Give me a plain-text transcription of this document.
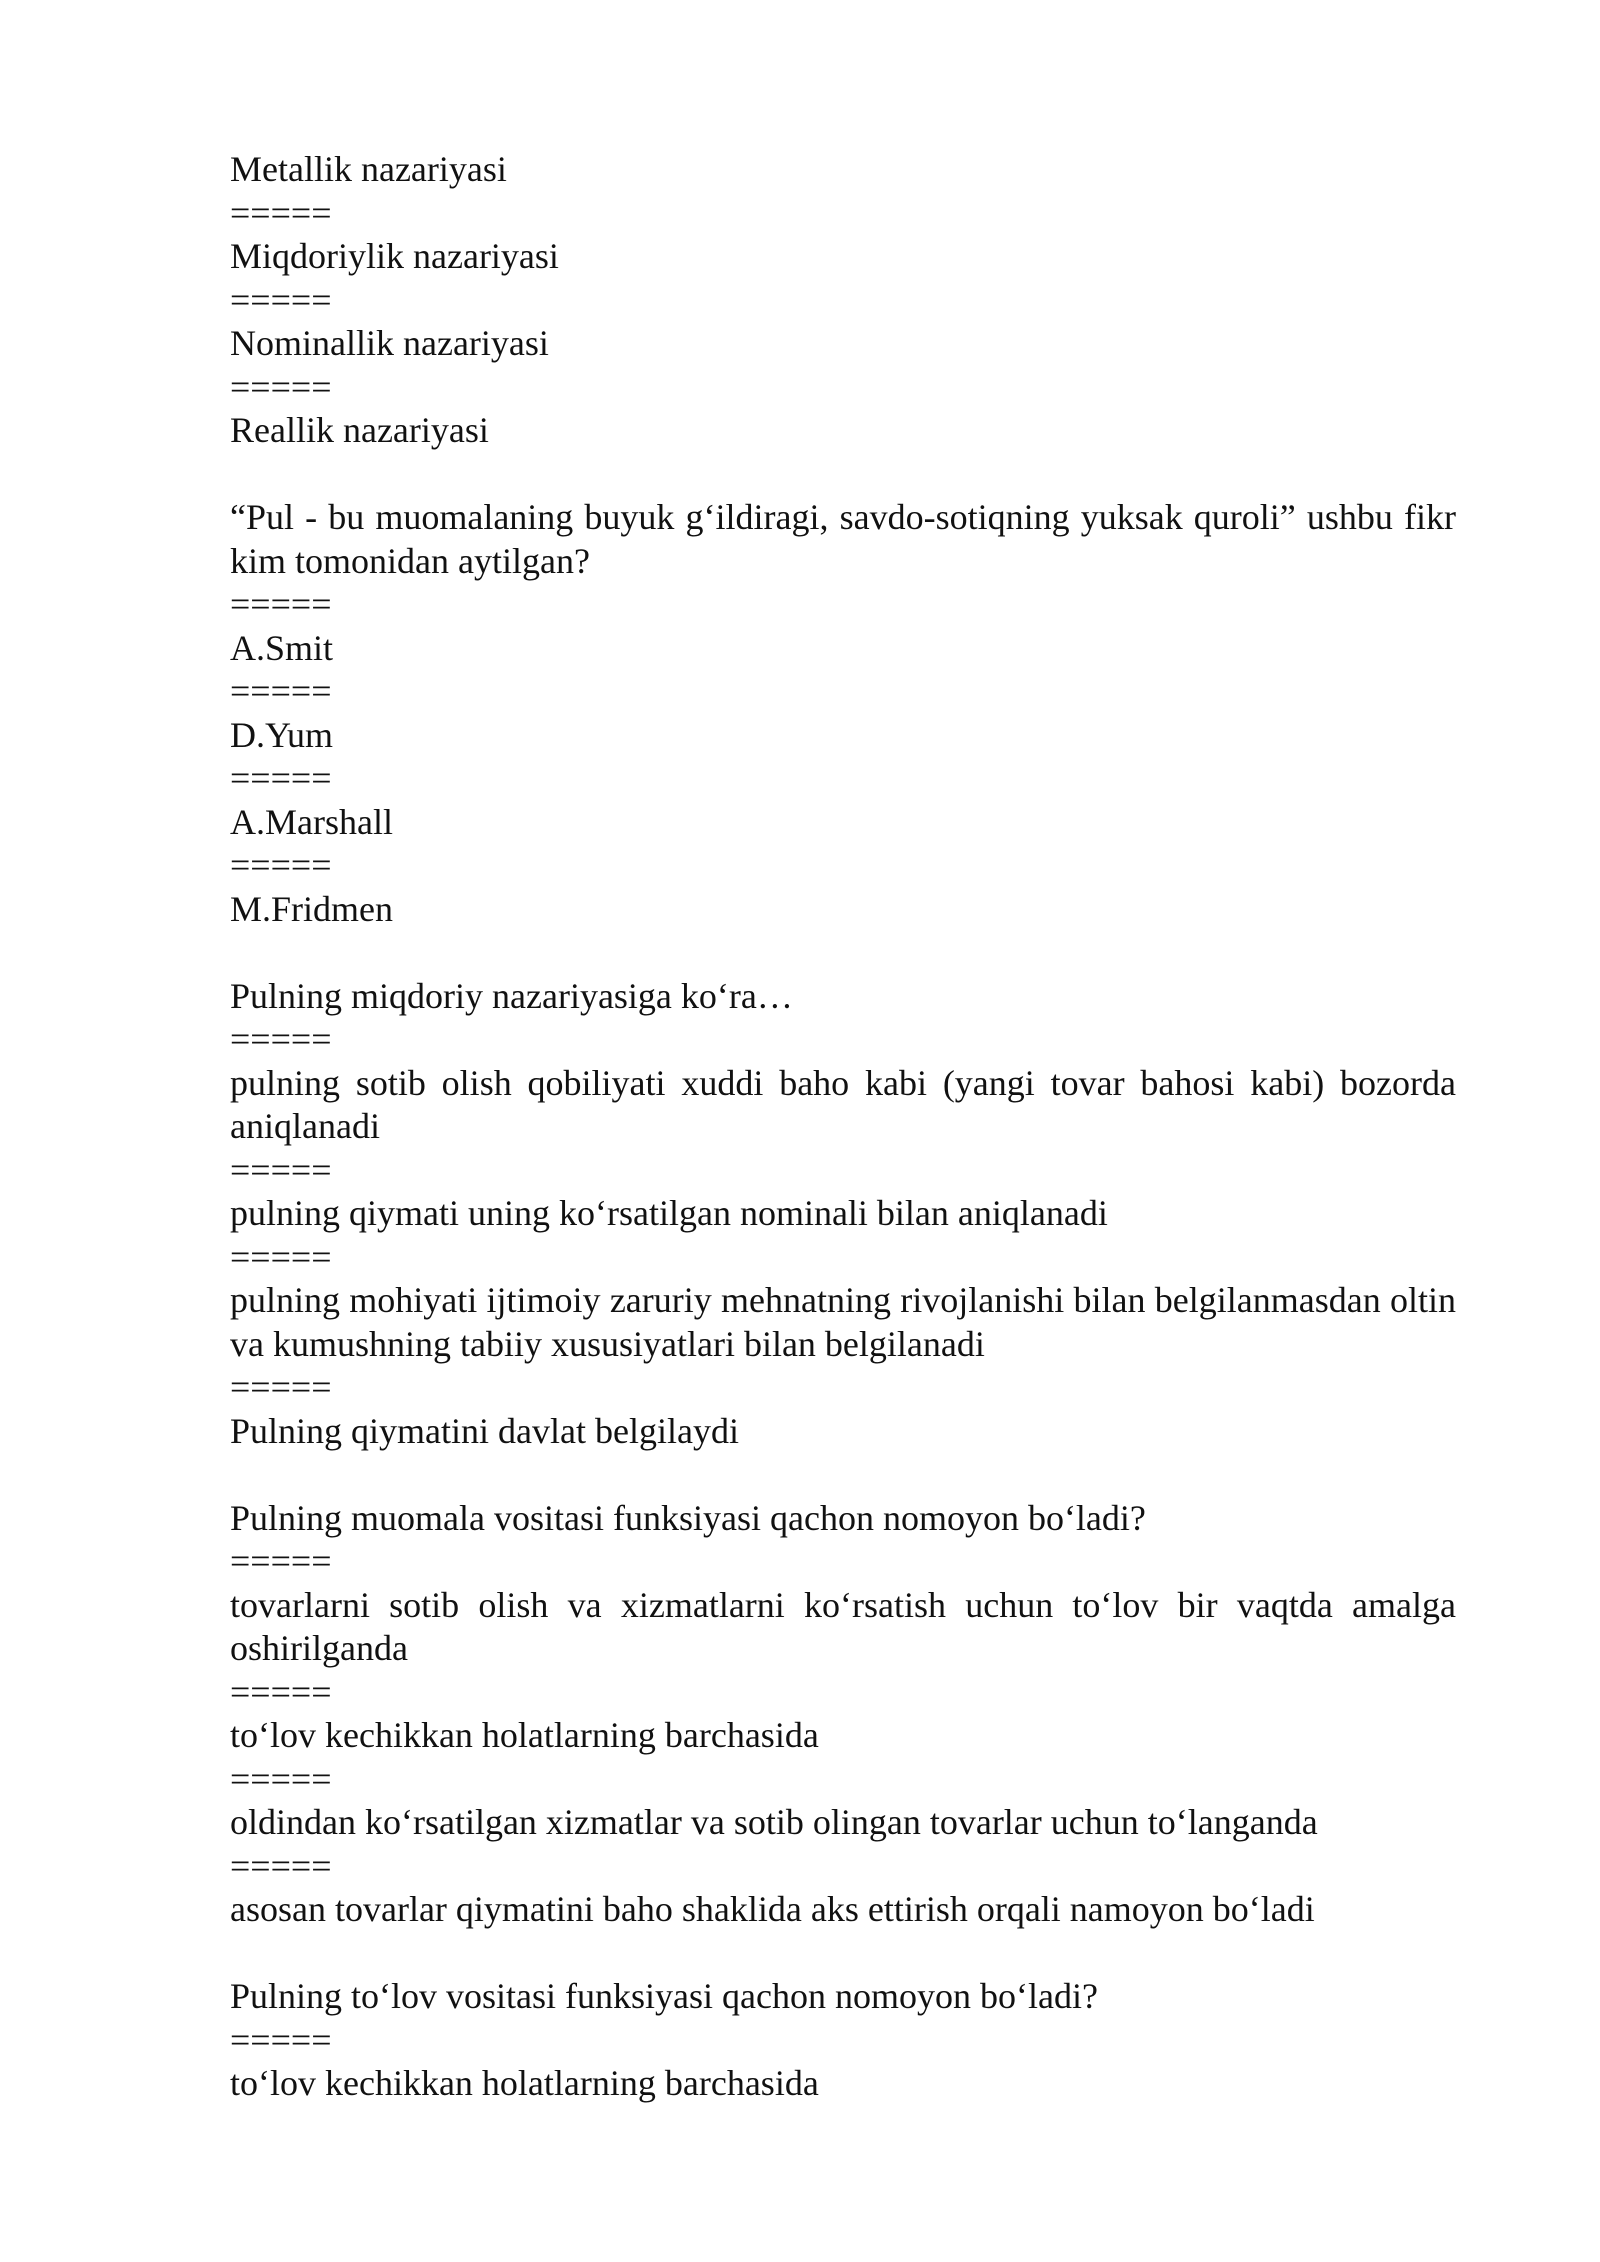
Metallik nazariyasi

=====

Miqdoriylik nazariyasi

=====

Nominallik nazariyasi

=====

Reallik nazariyasi

“Pul - bu muomalaning buyuk g‘ildiragi, savdo-sotiqning yuksak quroli” ushbu fikr kim tomonidan aytilgan?

=====

A.Smit

=====

D.Yum

=====

A.Marshall

=====

M.Fridmen

Pulning miqdoriy nazariyasiga ko‘ra…

=====

pulning sotib olish qobiliyati xuddi baho kabi (yangi tovar bahosi kabi) bozorda aniqlanadi

=====

pulning qiymati uning ko‘rsatilgan nominali bilan aniqlanadi

=====

pulning mohiyati ijtimoiy zaruriy mehnatning rivojlanishi bilan belgilanmasdan oltin va kumushning tabiiy xususiyatlari bilan belgilanadi

=====

Pulning qiymatini davlat belgilaydi

Pulning muomala vositasi funksiyasi qachon nomoyon bo‘ladi?

=====

tovarlarni sotib olish va xizmatlarni ko‘rsatish uchun to‘lov bir vaqtda amalga oshirilganda

=====

to‘lov kechikkan holatlarning barchasida

=====

oldindan ko‘rsatilgan xizmatlar va sotib olingan tovarlar uchun to‘langanda

=====

asosan tovarlar qiymatini baho shaklida aks ettirish orqali namoyon bo‘ladi

Pulning to‘lov vositasi funksiyasi qachon nomoyon bo‘ladi?

=====

to‘lov kechikkan holatlarning barchasida
